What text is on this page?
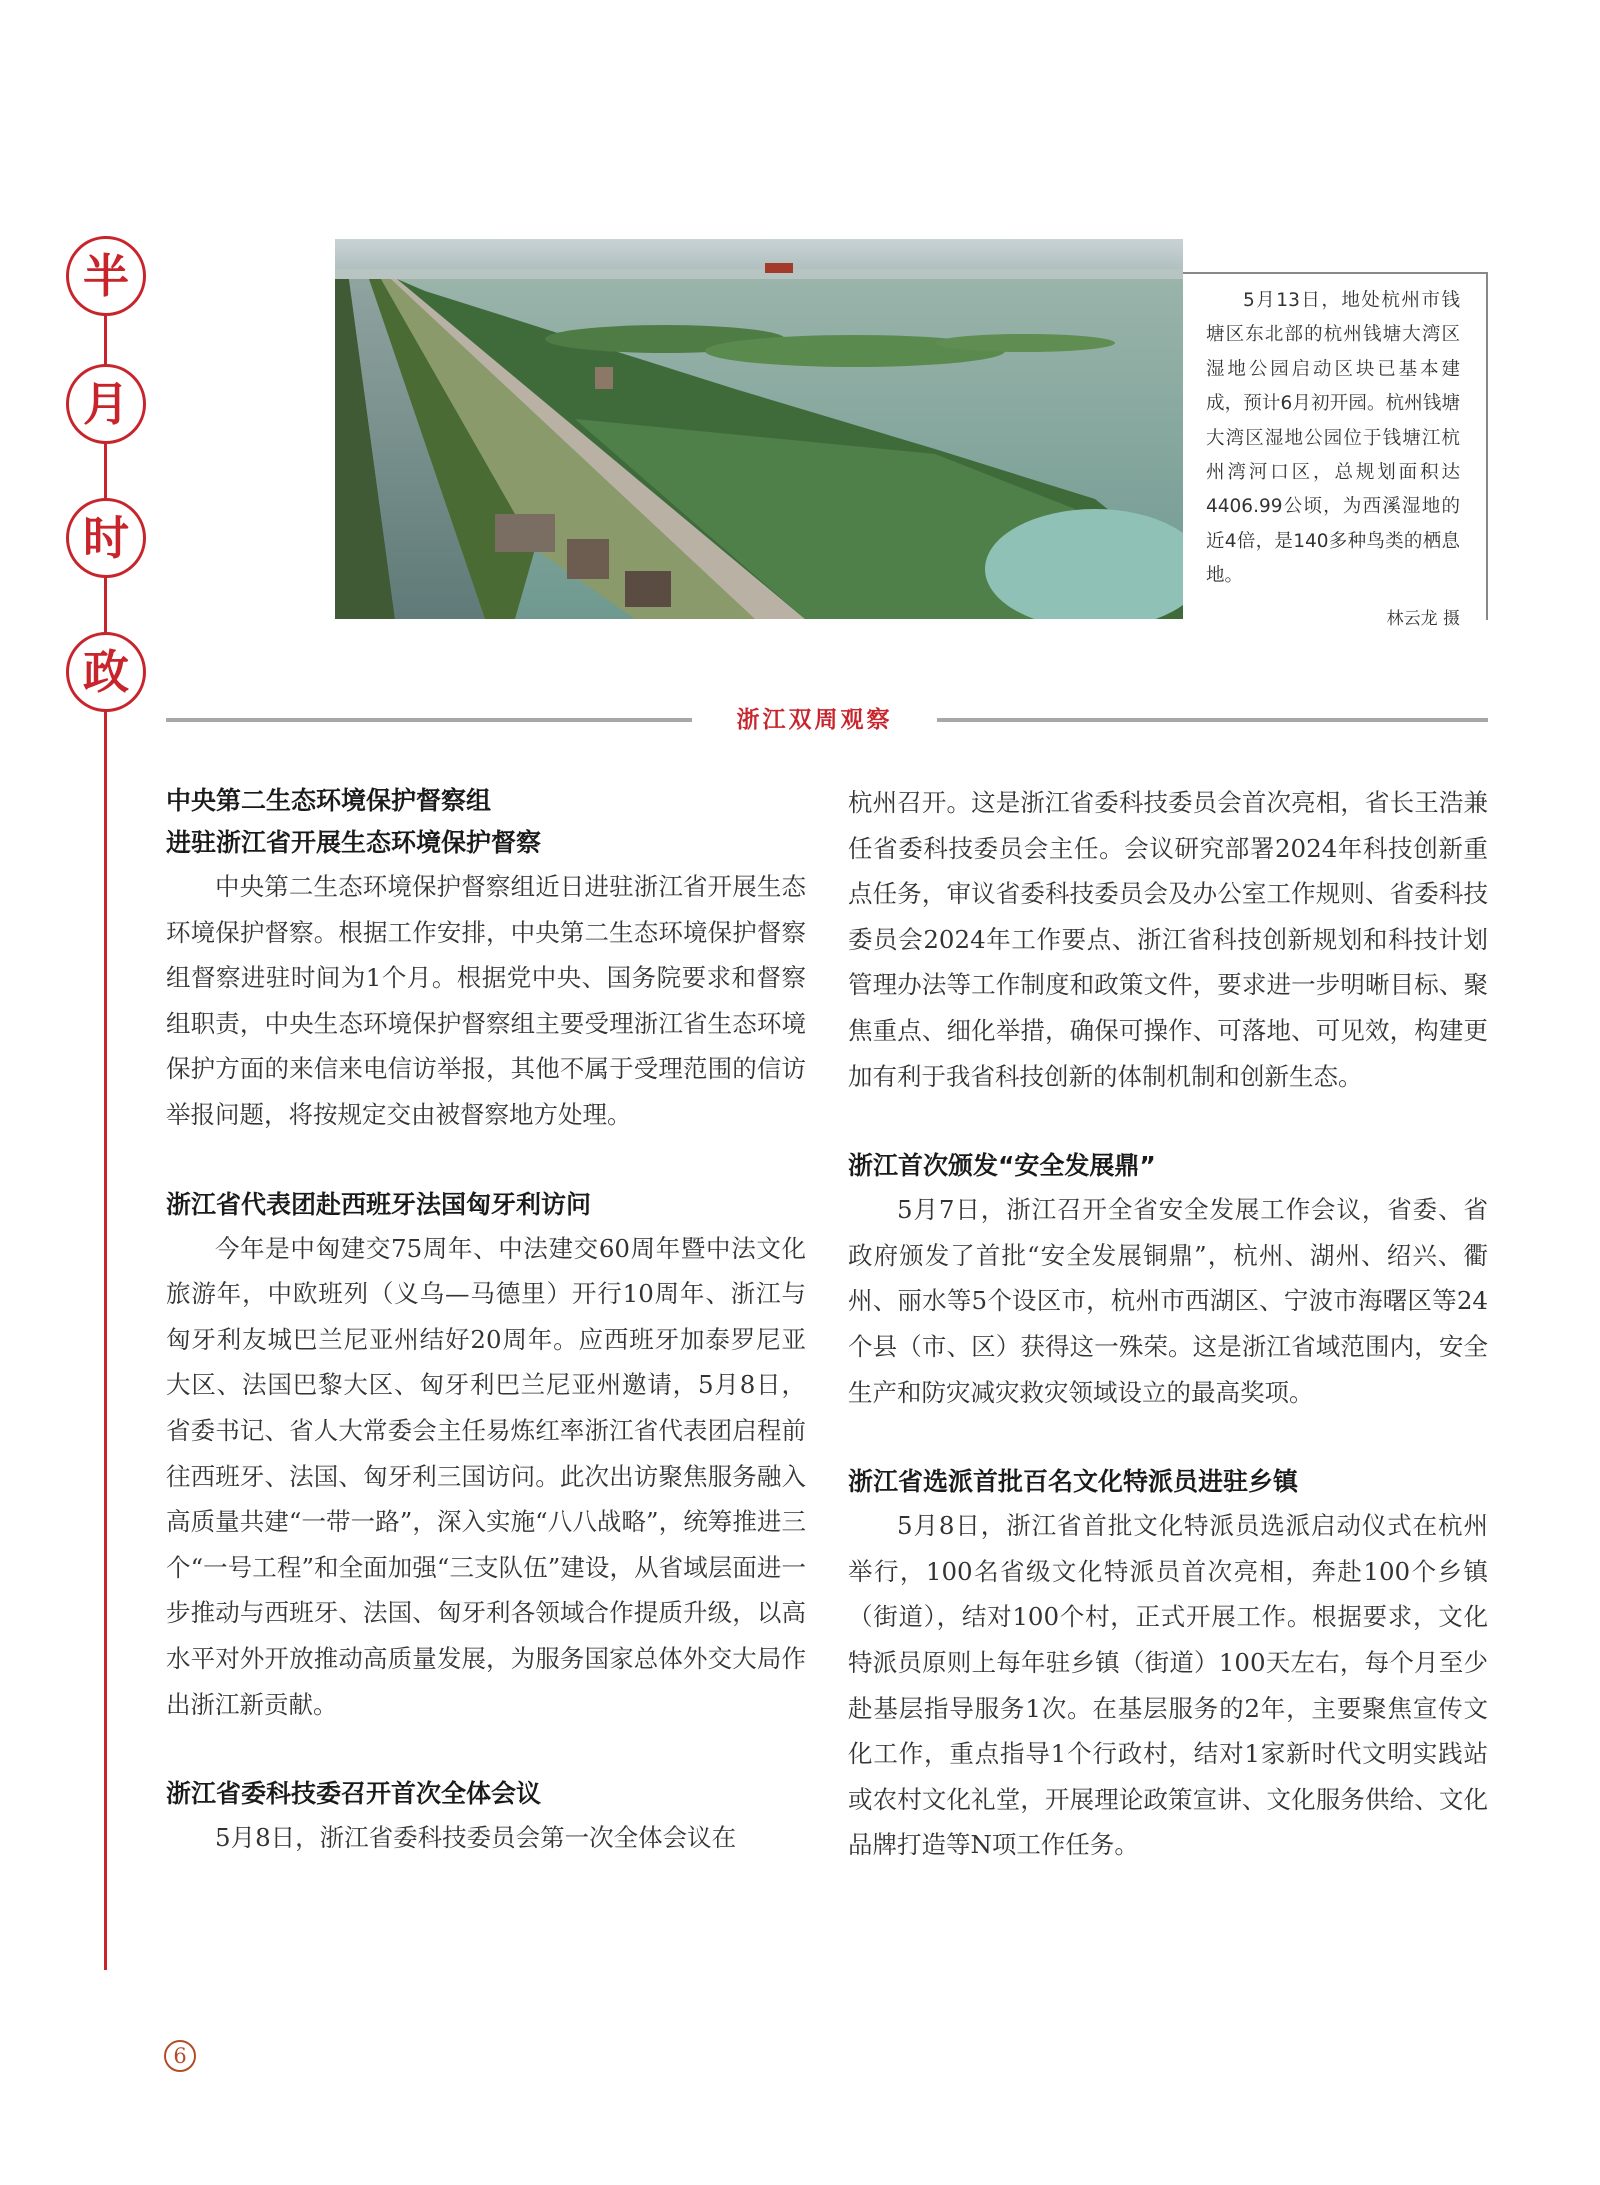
半
月
时
政

5月13日，地处杭州市钱塘区东北部的杭州钱塘大湾区湿地公园启动区块已基本建成，预计6月初开园。杭州钱塘大湾区湿地公园位于钱塘江杭州湾河口区，总规划面积达4406.99公顷，为西溪湿地的近4倍，是140多种鸟类的栖息地。

林云龙 摄

浙江双周观察
中央第二生态环境保护督察组
进驻浙江省开展生态环境保护督察

中央第二生态环境保护督察组近日进驻浙江省开展生态环境保护督察。根据工作安排，中央第二生态环境保护督察组督察进驻时间为1个月。根据党中央、国务院要求和督察组职责，中央生态环境保护督察组主要受理浙江省生态环境保护方面的来信来电信访举报，其他不属于受理范围的信访举报问题，将按规定交由被督察地方处理。

浙江省代表团赴西班牙法国匈牙利访问

今年是中匈建交75周年、中法建交60周年暨中法文化旅游年，中欧班列（义乌—马德里）开行10周年、浙江与匈牙利友城巴兰尼亚州结好20周年。应西班牙加泰罗尼亚大区、法国巴黎大区、匈牙利巴兰尼亚州邀请，5月8日，省委书记、省人大常委会主任易炼红率浙江省代表团启程前往西班牙、法国、匈牙利三国访问。此次出访聚焦服务融入高质量共建“一带一路”，深入实施“八八战略”，统筹推进三个“一号工程”和全面加强“三支队伍”建设，从省域层面进一步推动与西班牙、法国、匈牙利各领域合作提质升级，以高水平对外开放推动高质量发展，为服务国家总体外交大局作出浙江新贡献。

浙江省委科技委召开首次全体会议

5月8日，浙江省委科技委员会第一次全体会议在

杭州召开。这是浙江省委科技委员会首次亮相，省长王浩兼任省委科技委员会主任。会议研究部署2024年科技创新重点任务，审议省委科技委员会及办公室工作规则、省委科技委员会2024年工作要点、浙江省科技创新规划和科技计划管理办法等工作制度和政策文件，要求进一步明晰目标、聚焦重点、细化举措，确保可操作、可落地、可见效，构建更加有利于我省科技创新的体制机制和创新生态。

浙江首次颁发“安全发展鼎”

5月7日，浙江召开全省安全发展工作会议，省委、省政府颁发了首批“安全发展铜鼎”，杭州、湖州、绍兴、衢州、丽水等5个设区市，杭州市西湖区、宁波市海曙区等24个县（市、区）获得这一殊荣。这是浙江省域范围内，安全生产和防灾减灾救灾领域设立的最高奖项。

浙江省选派首批百名文化特派员进驻乡镇

5月8日，浙江省首批文化特派员选派启动仪式在杭州举行，100名省级文化特派员首次亮相，奔赴100个乡镇（街道），结对100个村，正式开展工作。根据要求，文化特派员原则上每年驻乡镇（街道）100天左右，每个月至少赴基层指导服务1次。在基层服务的2年，主要聚焦宣传文化工作，重点指导1个行政村，结对1家新时代文明实践站或农村文化礼堂，开展理论政策宣讲、文化服务供给、文化品牌打造等N项工作任务。

6
